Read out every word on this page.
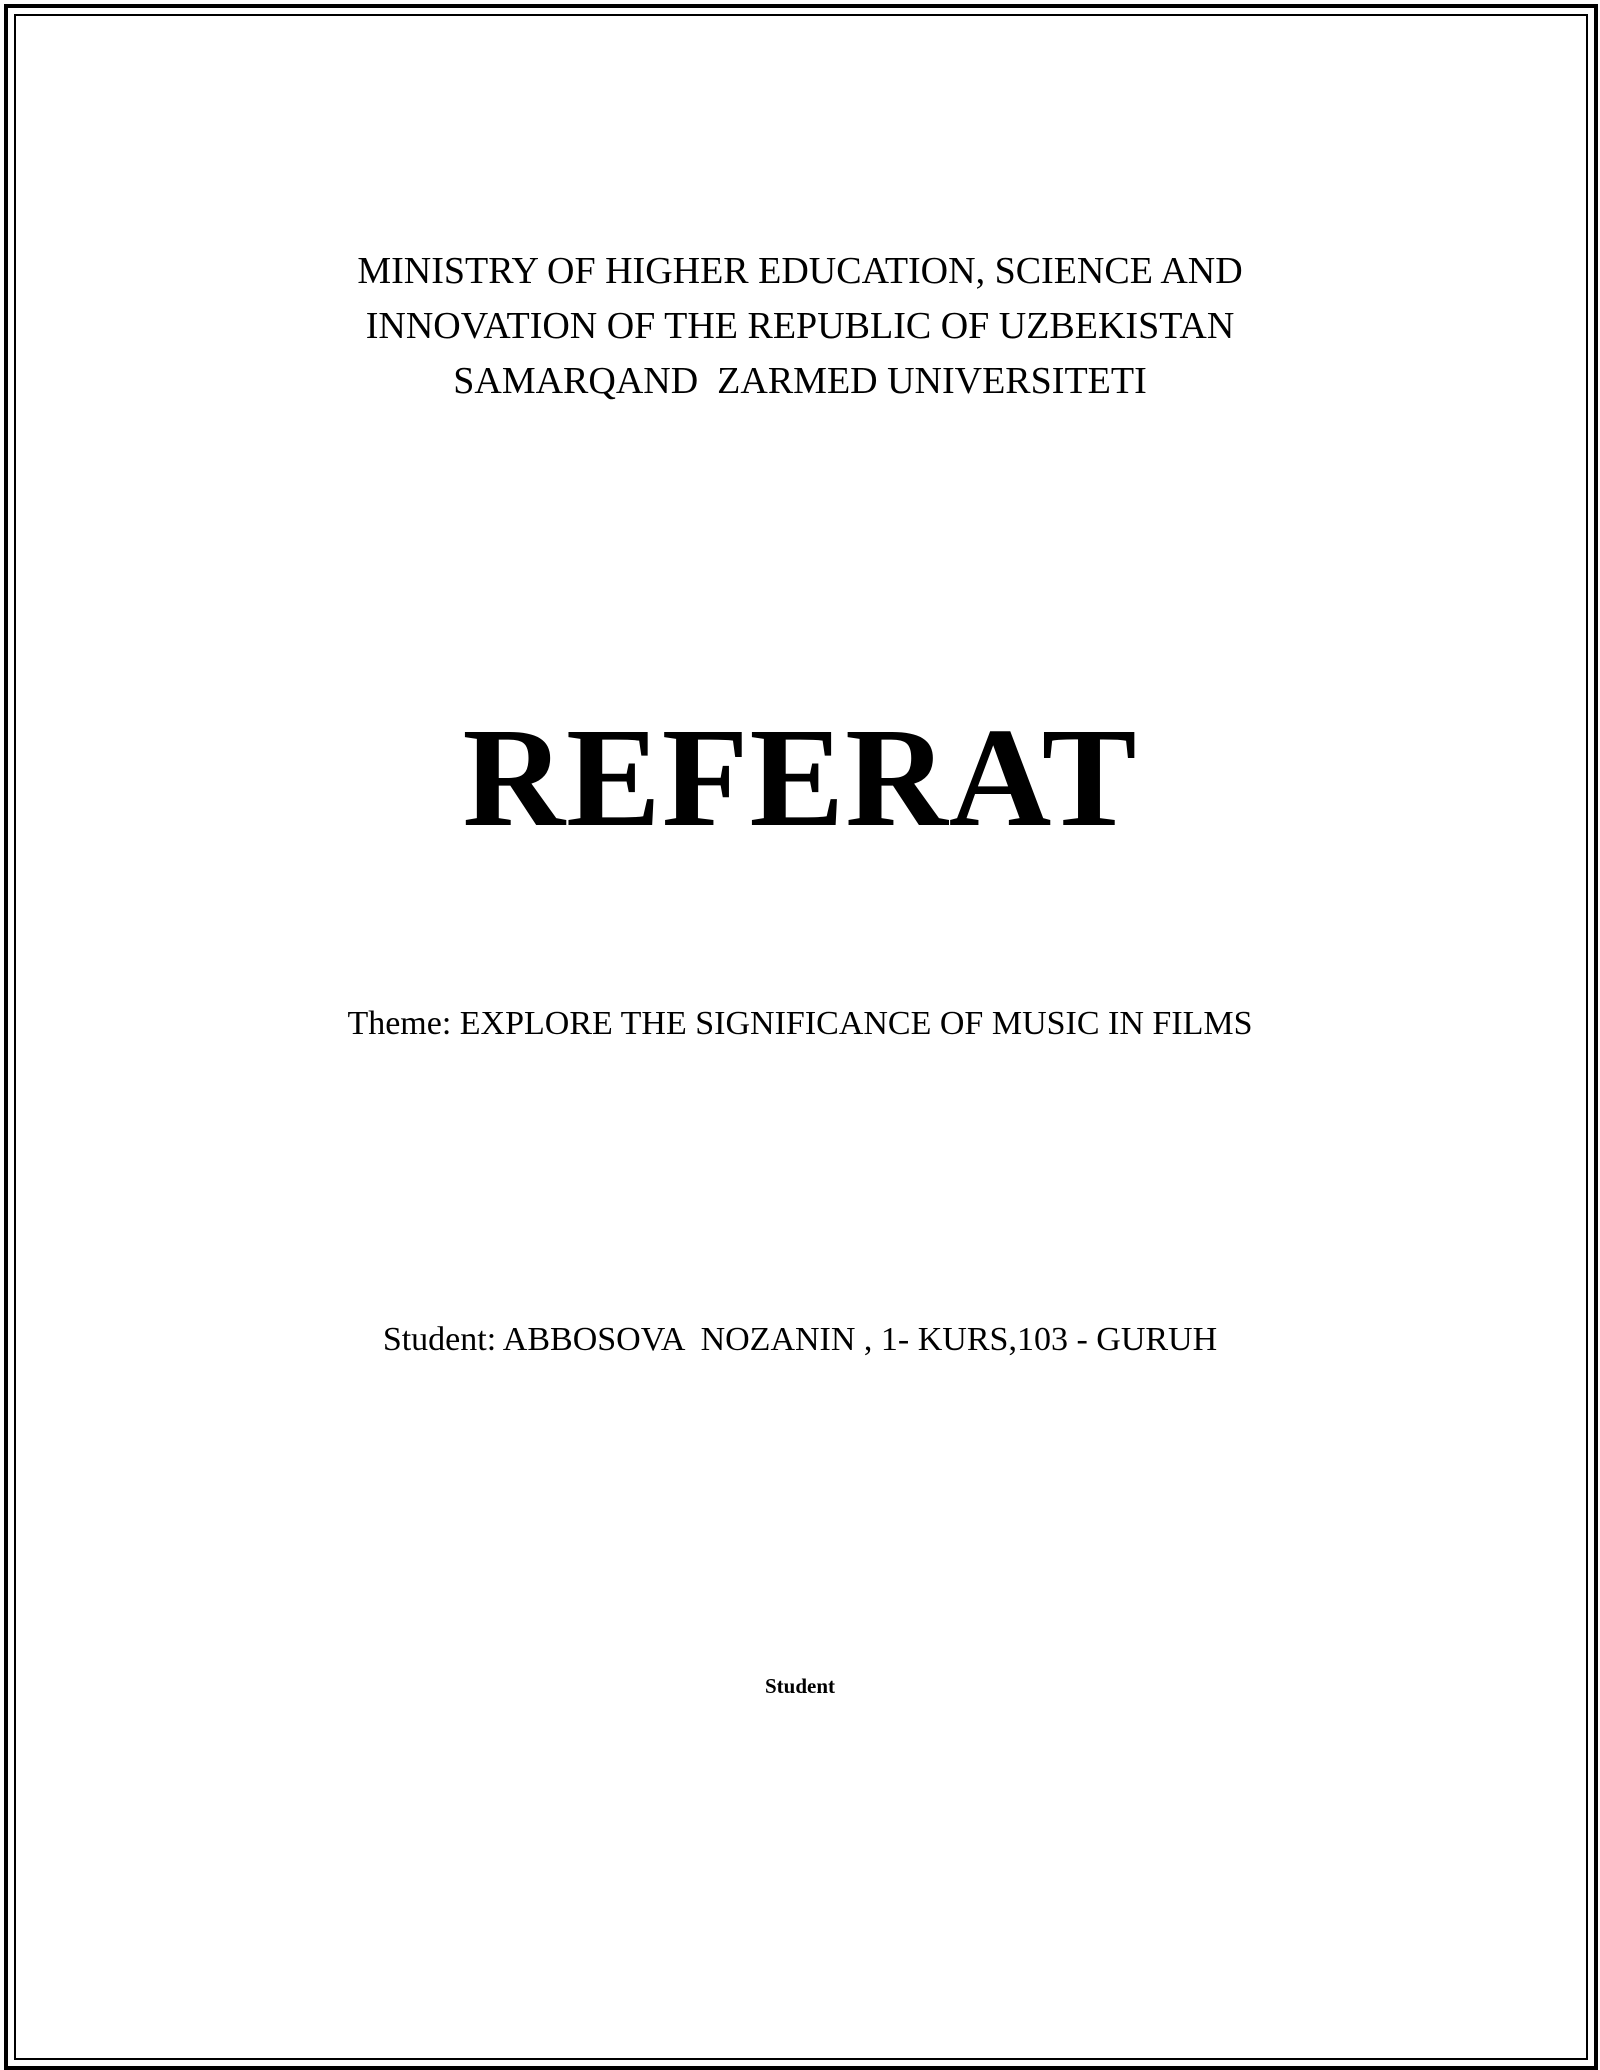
MINISTRY OF HIGHER EDUCATION, SCIENCE AND
INNOVATION OF THE REPUBLIC OF UZBEKISTAN
SAMARQAND  ZARMED UNIVERSITETI
REFERAT
Theme: EXPLORE THE SIGNIFICANCE OF MUSIC IN FILMS
Student: ABBOSOVA  NOZANIN , 1- KURS,103 - GURUH
Student
